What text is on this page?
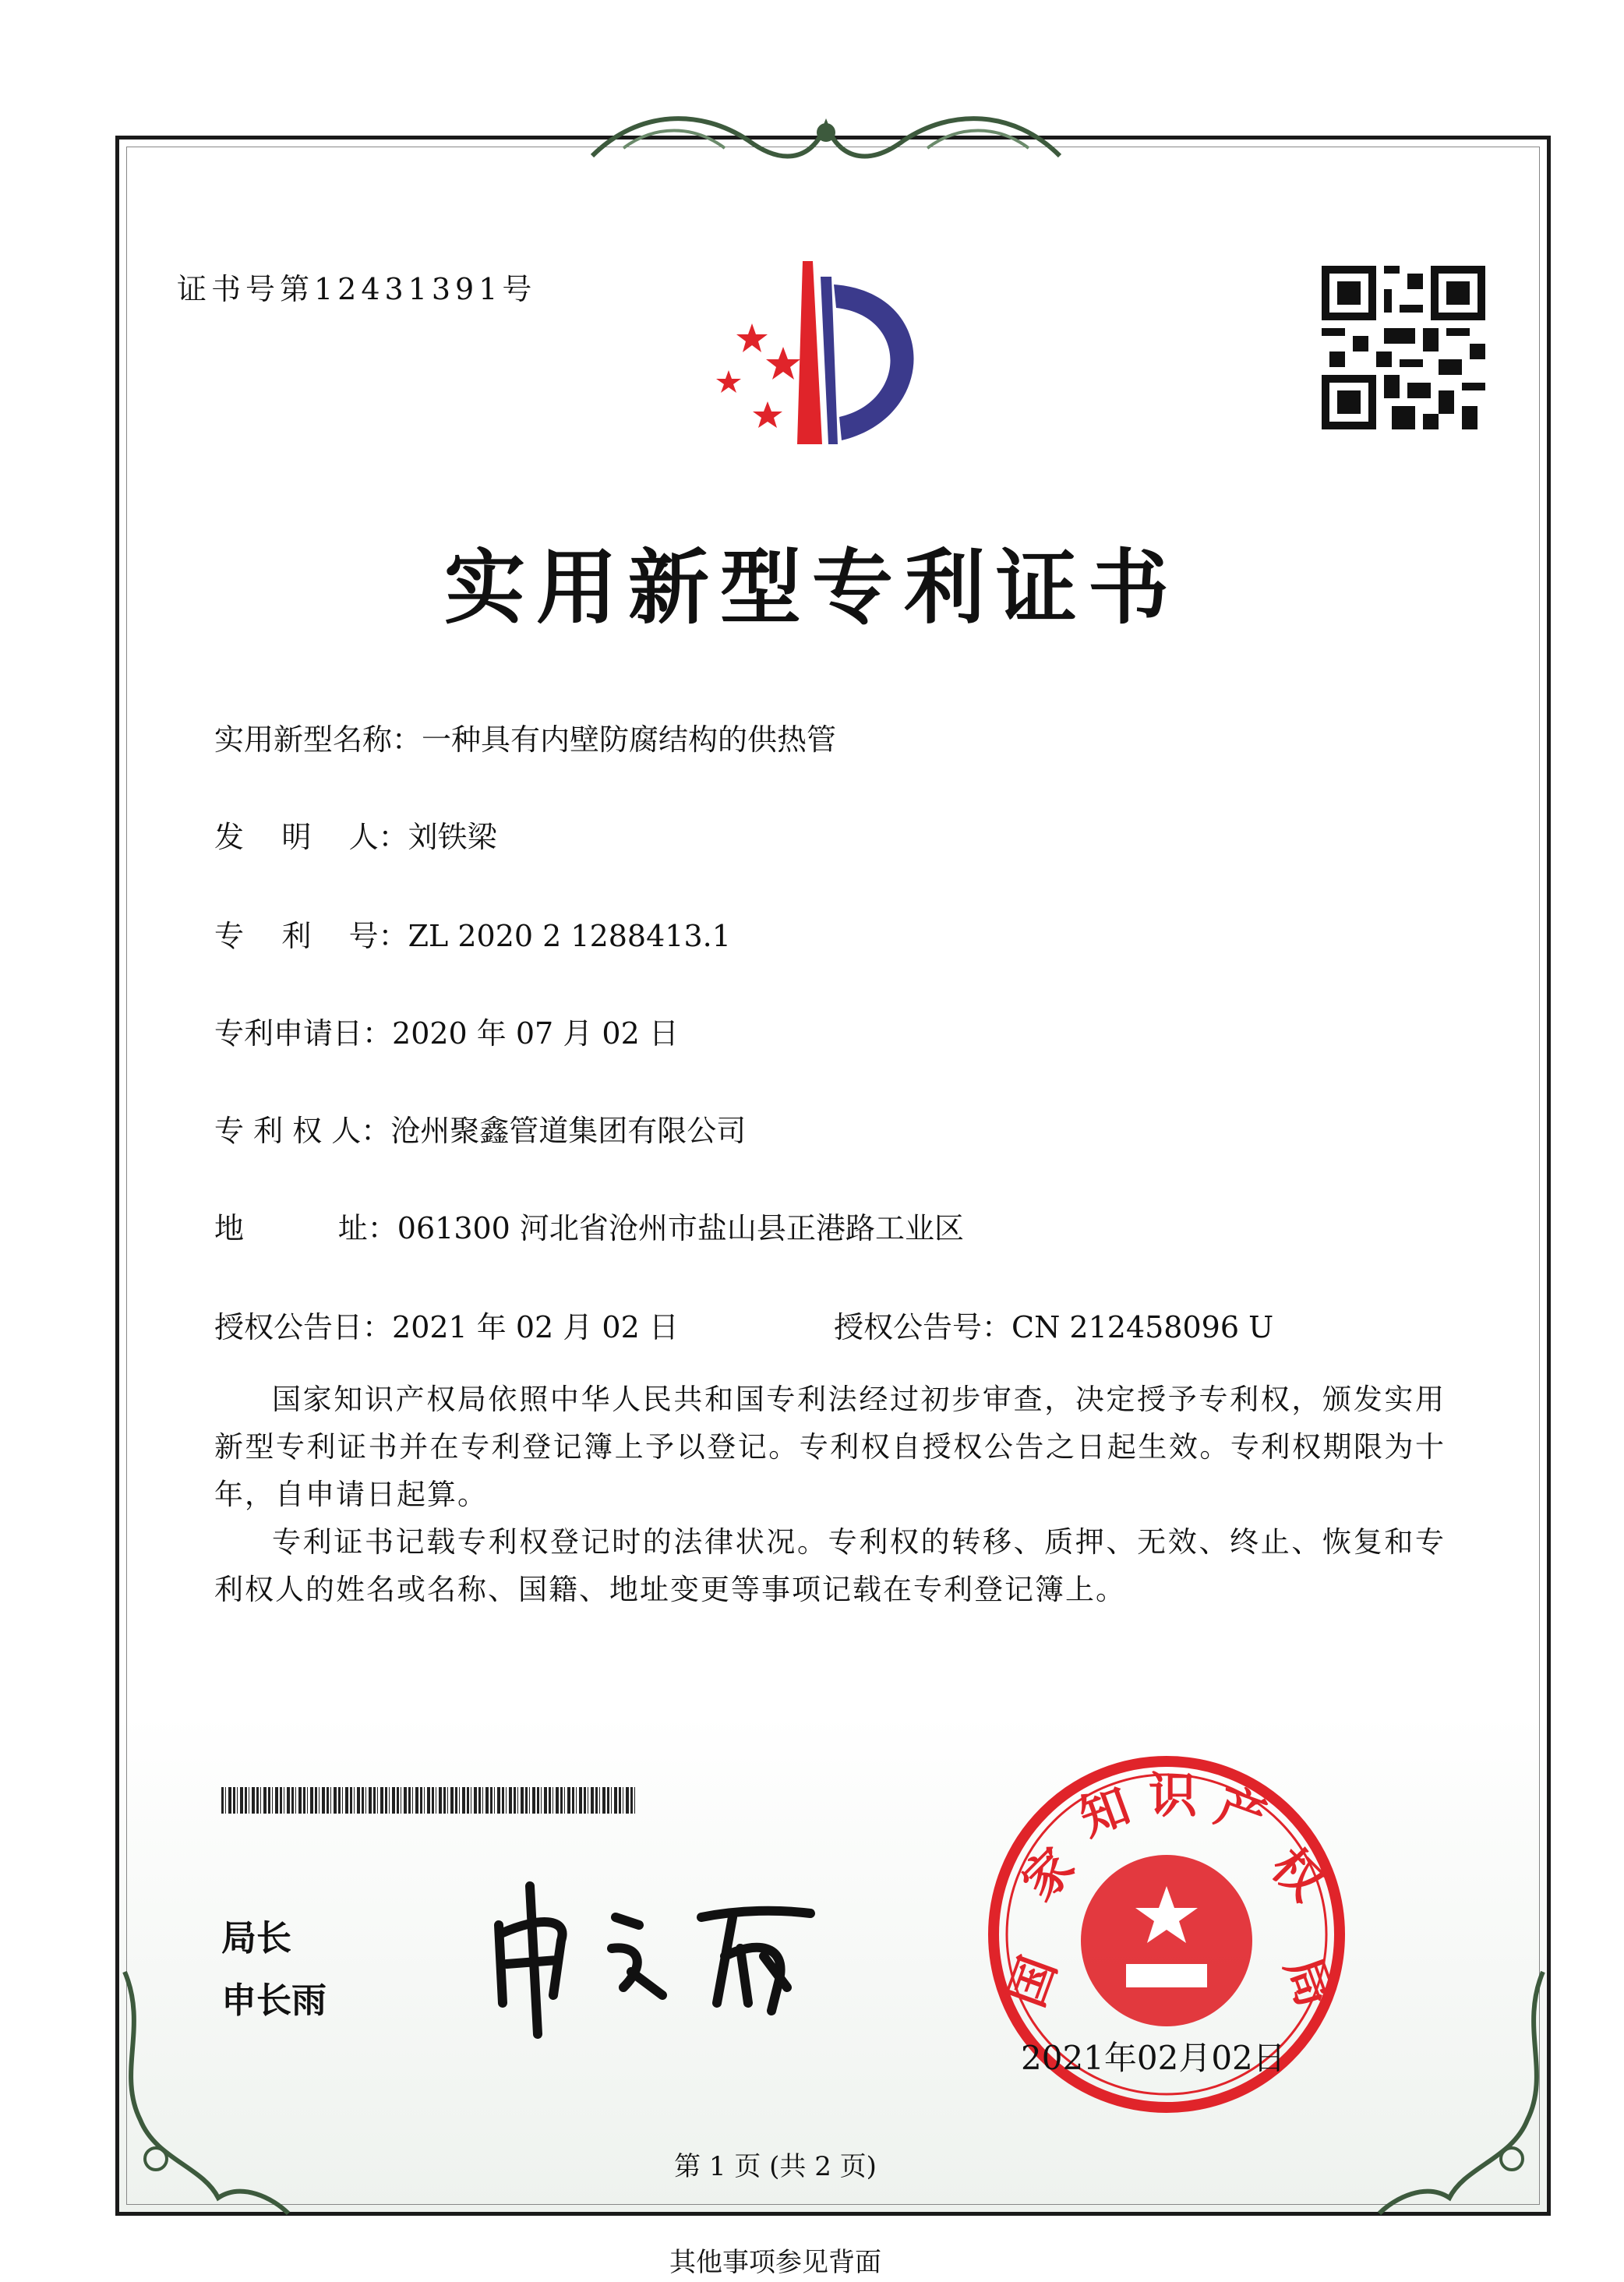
证书号第12431391号
实用新型专利证书
实用新型名称：一种具有内壁防腐结构的供热管
发    明    人：刘铁梁
专    利    号：ZL 2020 2 1288413.1
专利申请日：2020 年 07 月 02 日
专 利 权 人：沧州聚鑫管道集团有限公司
地          址：061300 河北省沧州市盐山县正港路工业区
授权公告日：2021 年 02 月 02 日	授权公告号：CN 212458096 U

国家知识产权局依照中华人民共和国专利法经过初步审查，决定授予专利权，颁发实用新型专利证书并在专利登记簿上予以登记。专利权自授权公告之日起生效。专利权期限为十年，自申请日起算。

专利证书记载专利权登记时的法律状况。专利权的转移、质押、无效、终止、恢复和专利权人的姓名或名称、国籍、地址变更等事项记载在专利登记簿上。

局长
申长雨	国
家
知 识 产
权
局
2021年02月02日
第 1 页 (共 2 页)
其他事项参见背面
